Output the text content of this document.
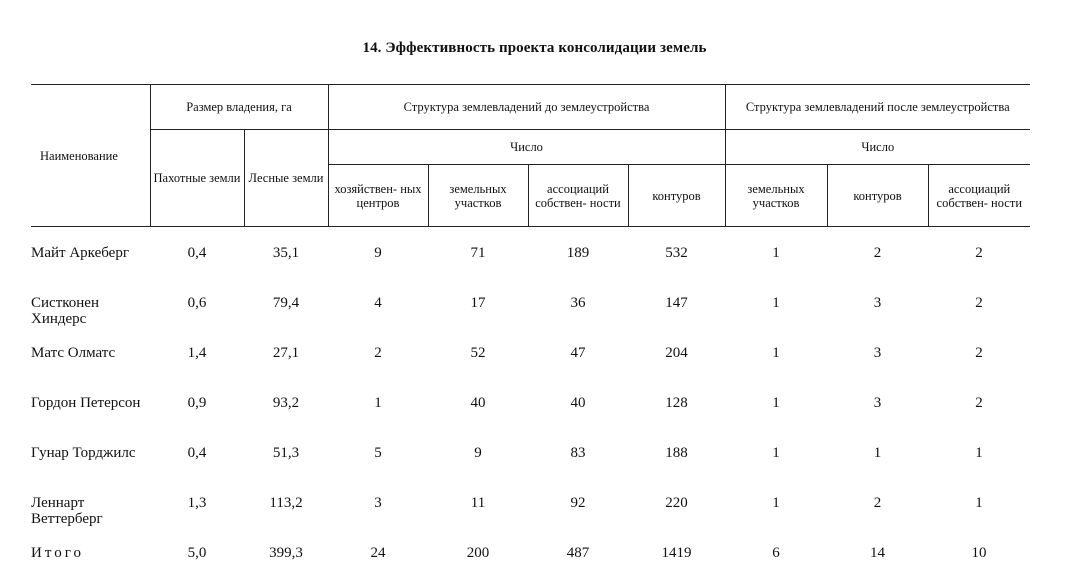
14. Эффективность проекта консолидации земель
Наименование	Размер владения, га		Структура землевладений до землеустройства				Структура землевладений после землеустройства		
	Пахотные земли	Лесные земли	Число				Число		
			хозяйствен- ных центров	земельных участков	ассоциаций собствен- ности	контуров	земельных участков	контуров	ассоциаций собствен- ности
Майт Аркеберг	0,4	35,1	9	71	189	532	1	2	2
Систконен Хиндерс	0,6	79,4	4	17	36	147	1	3	2
Матс Олматс	1,4	27,1	2	52	47	204	1	3	2
Гордон Петерсон	0,9	93,2	1	40	40	128	1	3	2
Гунар Торджилс	0,4	51,3	5	9	83	188	1	1	1
Леннарт Веттерберг	1,3	113,2	3	11	92	220	1	2	1
Итого	5,0	399,3	24	200	487	1419	6	14	10
